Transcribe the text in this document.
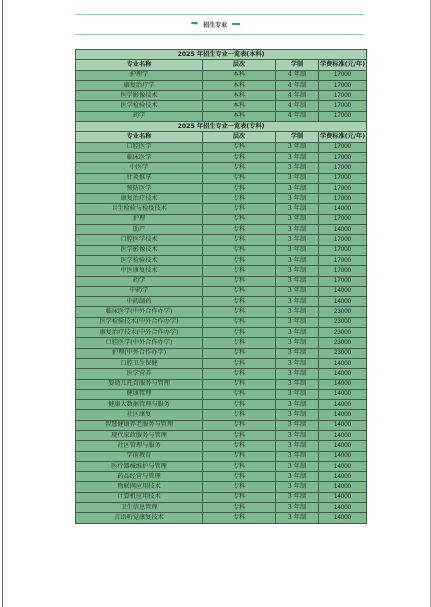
➡ 招生专业
2025 年招生专业一览表(本科)			
专业名称	层次	学制	学费标准(元/年)
护理学	本科	4 年制	17000
康复治疗学	本科	4 年制	17000
医学影像技术	本科	4 年制	17000
医学检验技术	本科	4 年制	17000
药学	本科	4 年制	17000
2025 年招生专业一览表(专科)			
专业名称	层次	学制	学费标准(元/年)
口腔医学	专科	3 年制	17000
临床医学	专科	3 年制	17000
中医学	专科	3 年制	17000
针灸推拿	专科	3 年制	17000
预防医学	专科	3 年制	17000
康复治疗技术	专科	3 年制	17000
卫生检验与检疫技术	专科	3 年制	14000
护理	专科	3 年制	17000
助产	专科	3 年制	14000
口腔医学技术	专科	3 年制	17000
医学影像技术	专科	3 年制	17000
医学检验技术	专科	3 年制	17000
中医康复技术	专科	3 年制	17000
药学	专科	3 年制	17000
中药学	专科	3 年制	14000
中药制药	专科	3 年制	14000
临床医学(中外合作办学)	专科	3 年制	23000
医学检验技术(中外合作办学)	专科	3 年制	23000
康复治疗技术(中外合作办学)	专科	3 年制	23000
口腔医学(中外合作办学)	专科	3 年制	23000
护理(中外合作办学)	专科	3 年制	23000
口腔卫生保健	专科	3 年制	14000
医学营养	专科	3 年制	14000
婴幼儿托育服务与管理	专科	3 年制	14000
健康管理	专科	3 年制	14000
健康大数据管理与服务	专科	3 年制	14000
社区康复	专科	3 年制	14000
智慧健康养老服务与管理	专科	3 年制	14000
现代家政服务与管理	专科	3 年制	14000
社区管理与服务	专科	3 年制	14000
学前教育	专科	3 年制	14000
医疗器械维护与管理	专科	3 年制	14000
药品经营与管理	专科	3 年制	14000
物联网应用技术	专科	3 年制	14000
计算机应用技术	专科	3 年制	14000
卫生信息管理	专科	3 年制	14000
言语听觉康复技术	专科	3 年制	14000
